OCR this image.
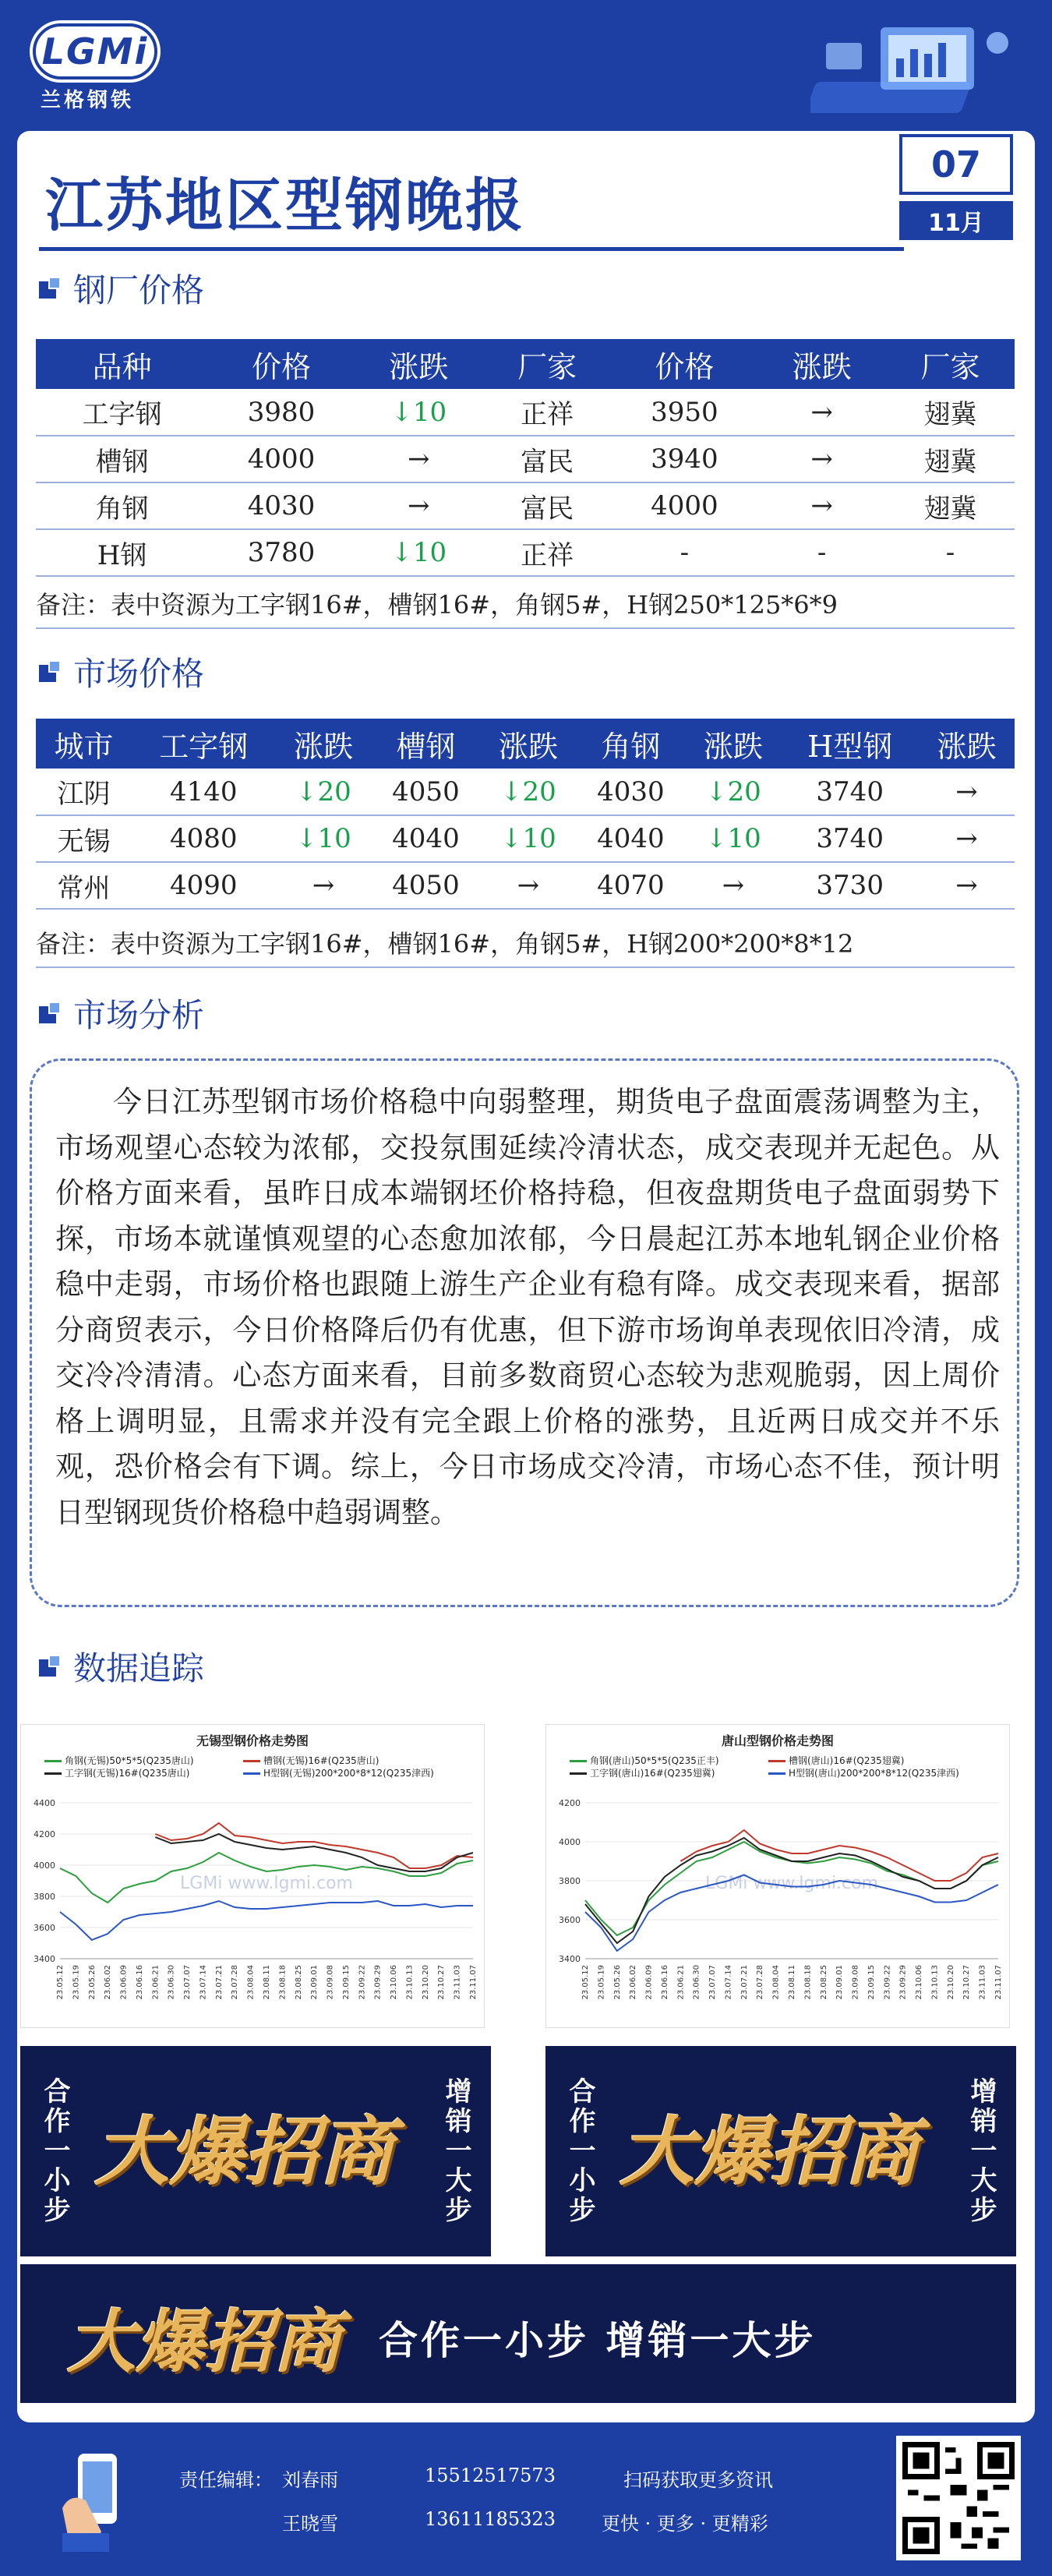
LGMi
兰格钢铁
江苏地区型钢晚报
07
11月
钢厂价格
品种	价格	涨跌	厂家	价格	涨跌	厂家
工字钢	3980	↓10	正祥	3950	→	翅冀
槽钢	4000	→	富民	3940	→	翅冀
角钢	4030	→	富民	4000	→	翅冀
H钢	3780	↓10	正祥	-	-	-
备注：表中资源为工字钢16#，槽钢16#，角钢5#，H钢250*125*6*9
市场价格
城市	工字钢	涨跌	槽钢	涨跌	角钢	涨跌	H型钢	涨跌
江阴	4140	↓20	4050	↓20	4030	↓20	3740	→
无锡	4080	↓10	4040	↓10	4040	↓10	3740	→
常州	4090	→	4050	→	4070	→	3730	→
备注：表中资源为工字钢16#，槽钢16#，角钢5#，H钢200*200*8*12
市场分析

今日江苏型钢市场价格稳中向弱整理，期货电子盘面震荡调整为主，市场观望心态较为浓郁，交投氛围延续冷清状态，成交表现并无起色。从价格方面来看，虽昨日成本端钢坯价格持稳，但夜盘期货电子盘面弱势下探，市场本就谨慎观望的心态愈加浓郁，今日晨起江苏本地轧钢企业价格稳中走弱，市场价格也跟随上游生产企业有稳有降。成交表现来看，据部分商贸表示，今日价格降后仍有优惠，但下游市场询单表现依旧冷清，成交冷冷清清。心态方面来看，目前多数商贸心态较为悲观脆弱，因上周价格上调明显，且需求并没有完全跟上价格的涨势，且近两日成交并不乐观，恐价格会有下调。综上，今日市场成交冷清，市场心态不佳，预计明日型钢现货价格稳中趋弱调整。

数据追踪
无锡型钢价格走势图
角钢(无锡)50*5*5(Q235唐山)	槽钢(无锡)16#(Q235唐山)工字钢(无锡)16#(Q235唐山)	H型钢(无锡)200*200*8*12(Q235津西)
4400
4200
4000
3800
3600
3400
23.05.12 23.05.19 23.05.26 23.06.02 23.06.09 23.06.16 23.06.21 23.06.30 23.07.07 23.07.14 23.07.21 23.07.28 23.08.04 23.08.11 23.08.18 23.08.25 23.09.01 23.09.08 23.09.15 23.09.22 23.09.29 23.10.06 23.10.13 23.10.20 23.10.27 23.11.03 23.11.07
LGMi www.lgmi.com
唐山型钢价格走势图
角钢(唐山)50*5*5(Q235正丰)	槽钢(唐山)16#(Q235翅冀)工字钢(唐山)16#(Q235翅冀)	H型钢(唐山)200*200*8*12(Q235津西)
4200
4000
3800
3600
3400
23.05.12 23.05.19 23.05.26 23.06.02 23.06.09 23.06.16 23.06.21 23.06.30 23.07.07 23.07.14 23.07.21 23.07.28 23.08.04 23.08.11 23.08.18 23.08.25 23.09.01 23.09.08 23.09.15 23.09.22 23.09.29 23.10.06 23.10.13 23.10.20 23.10.27 23.11.03 23.11.07
LGMi www.lgmi.com
合作一小步 大爆招商 增销一大步	合作一小步 大爆招商 增销一大步
大爆招商 合作一小步 增销一大步
责任编辑： 刘春雨	15512517573
王晓雪	13611185323
扫码获取更多资讯
更快 · 更多 · 更精彩
